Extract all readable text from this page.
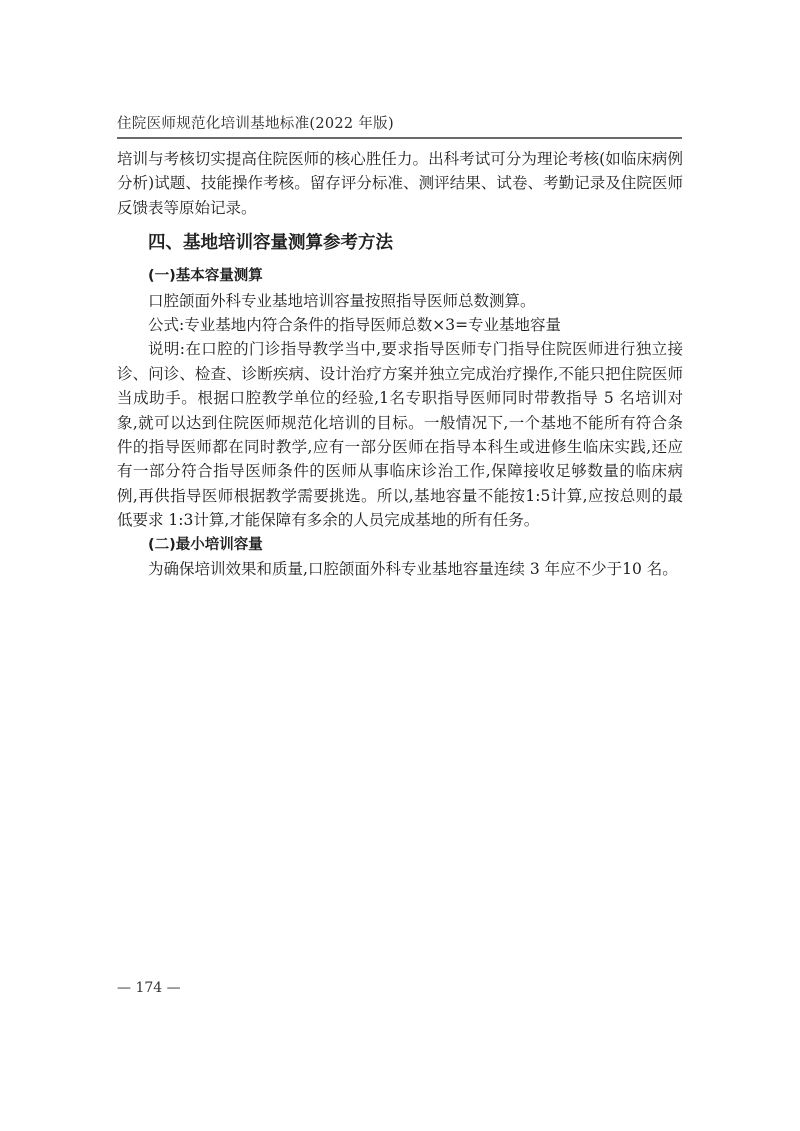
住院医师规范化培训基地标准(2022 年版)

培训与考核切实提高住院医师的核心胜任力。出科考试可分为理论考核(如临床病例分析)试题、技能操作考核。留存评分标准、测评结果、试卷、考勤记录及住院医师反馈表等原始记录。

四、基地培训容量测算参考方法
(一)基本容量测算

口腔颌面外科专业基地培训容量按照指导医师总数测算。

公式:专业基地内符合条件的指导医师总数×3=专业基地容量

说明:在口腔的门诊指导教学当中,要求指导医师专门指导住院医师进行独立接诊、问诊、检查、诊断疾病、设计治疗方案并独立完成治疗操作,不能只把住院医师当成助手。根据口腔教学单位的经验,1名专职指导医师同时带教指导 5 名培训对象,就可以达到住院医师规范化培训的目标。一般情况下,一个基地不能所有符合条件的指导医师都在同时教学,应有一部分医师在指导本科生或进修生临床实践,还应有一部分符合指导医师条件的医师从事临床诊治工作,保障接收足够数量的临床病例,再供指导医师根据教学需要挑选。所以,基地容量不能按1:5计算,应按总则的最低要求 1:3计算,才能保障有多余的人员完成基地的所有任务。

(二)最小培训容量

为确保培训效果和质量,口腔颌面外科专业基地容量连续 3 年应不少于10 名。

— 174 —
